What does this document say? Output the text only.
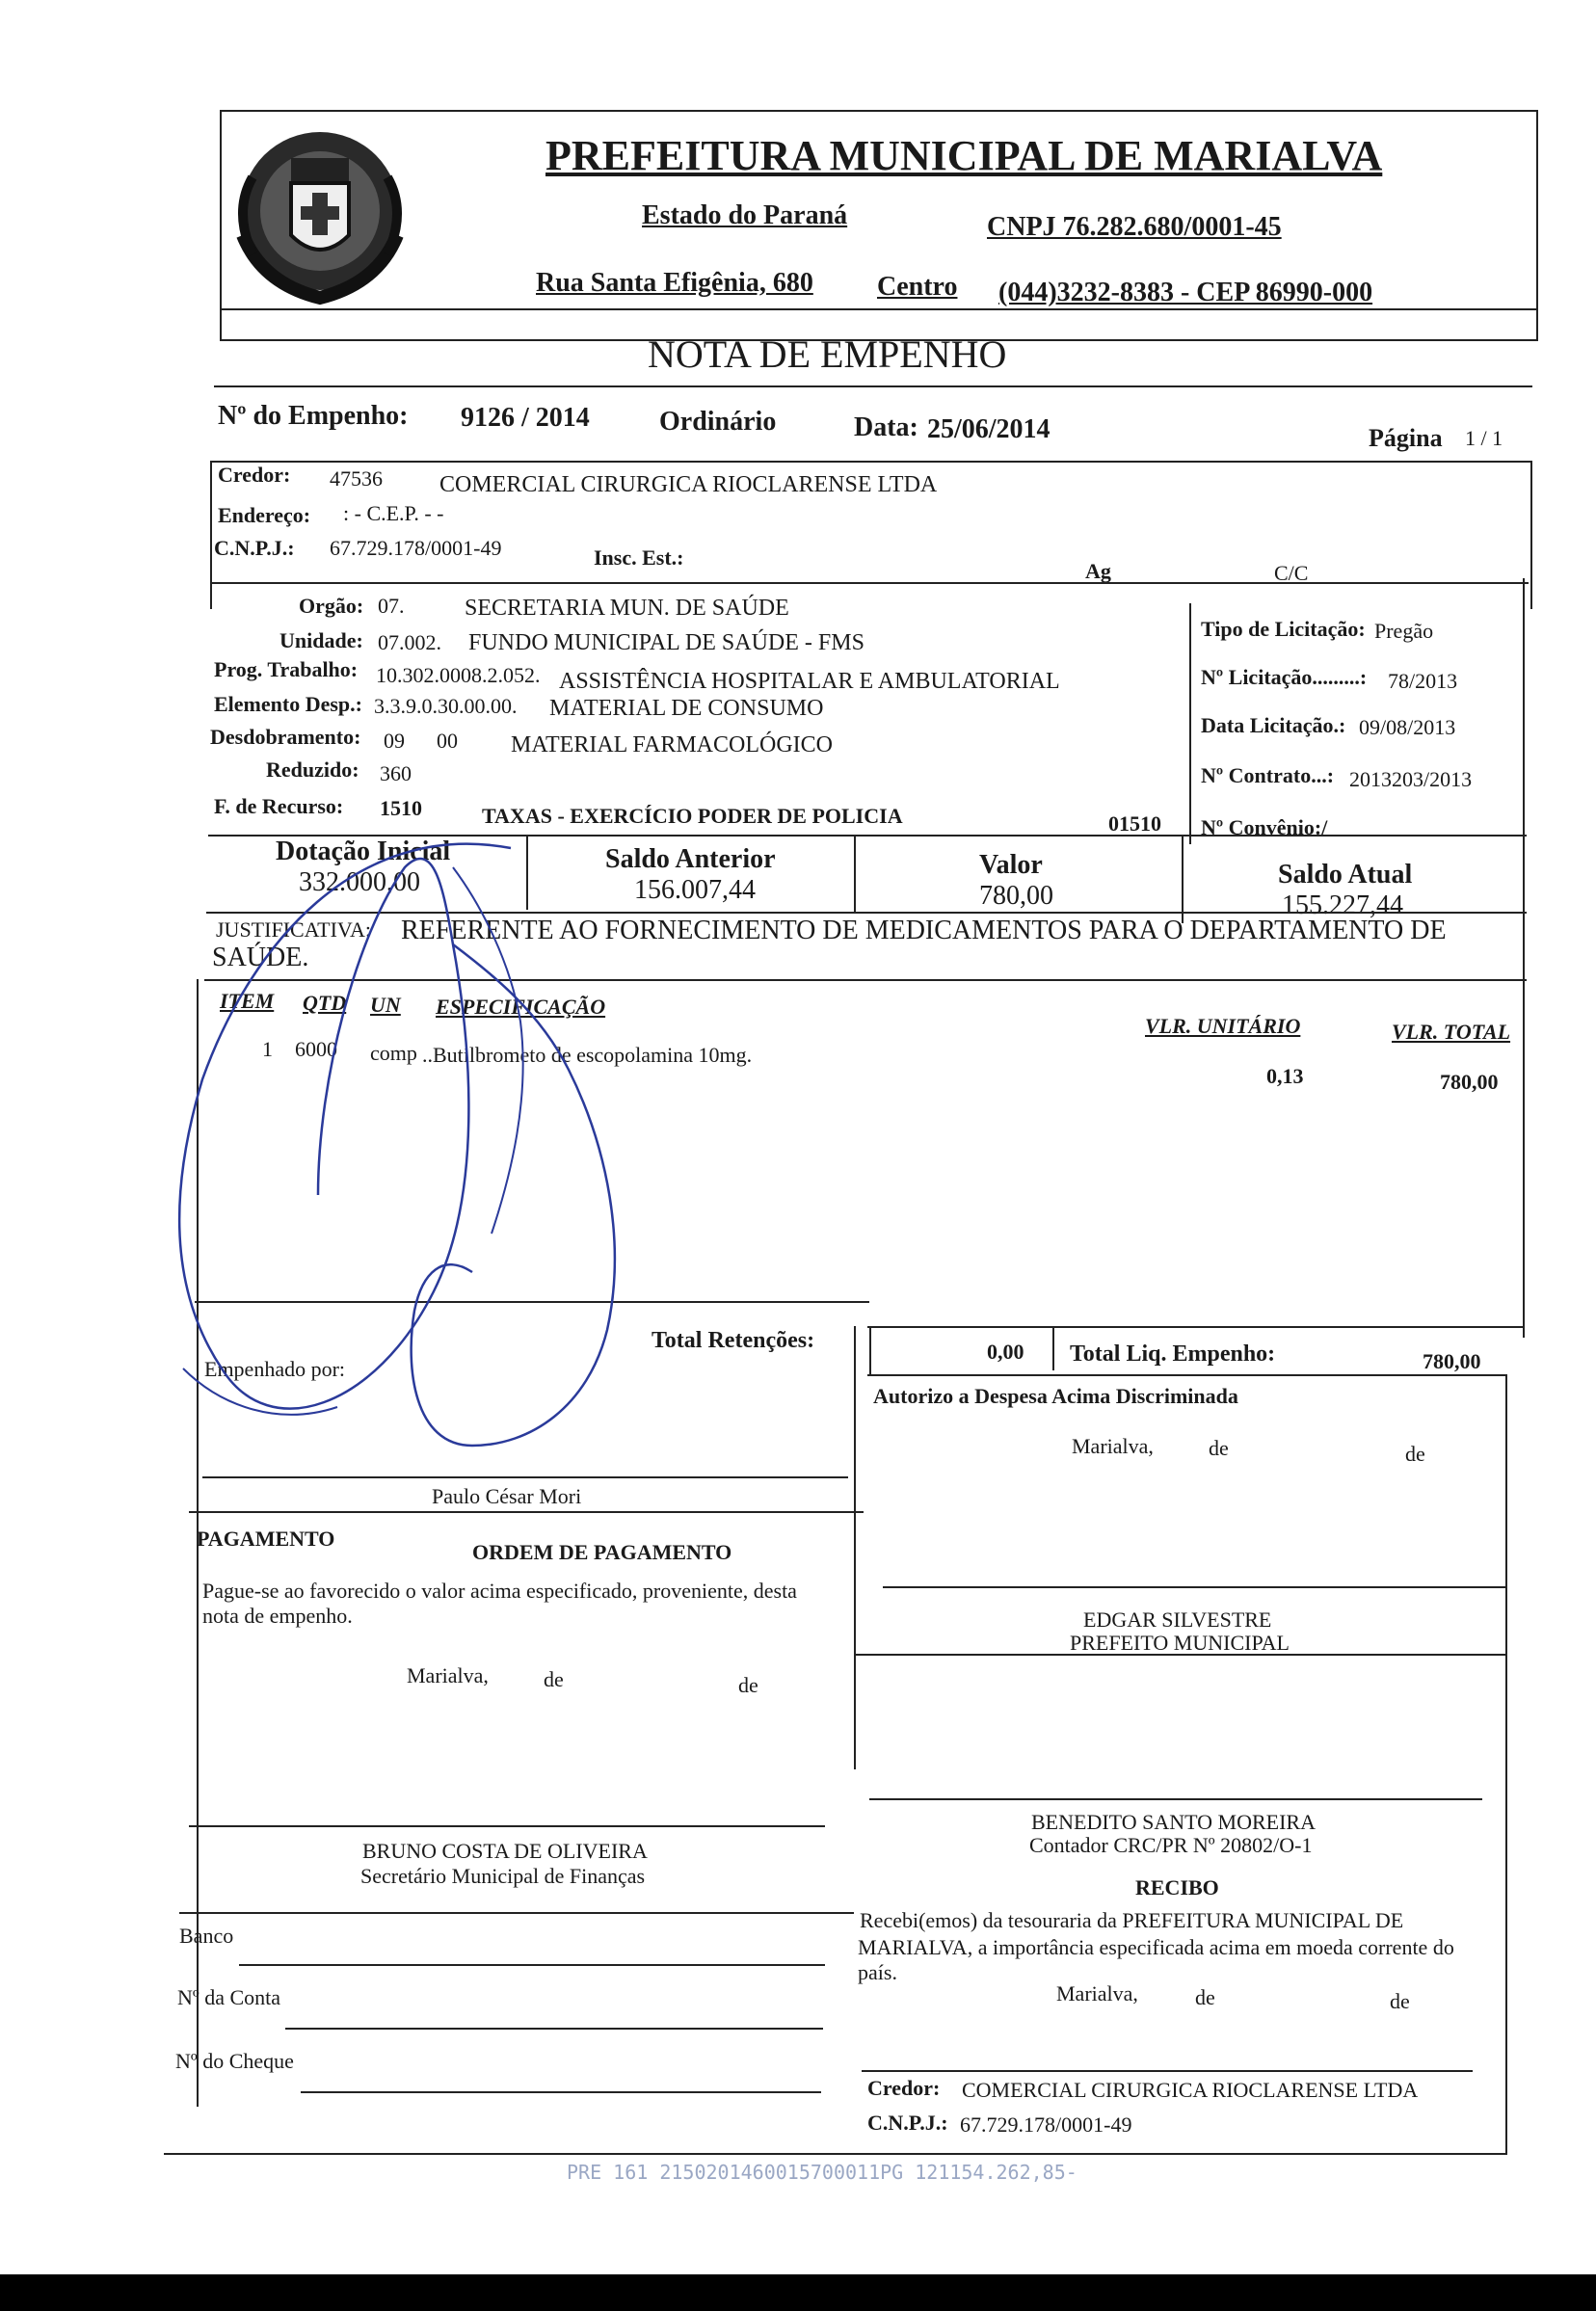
PREFEITURA MUNICIPAL DE MARIALVA
Estado do Paraná	CNPJ 76.282.680/0001-45
Rua Santa Efigênia, 680 Centro (044)3232-8383 - CEP 86990-000
NOTA DE EMPENHO
Nº do Empenho: 9126 / 2014	Ordinário	Data: 25/06/2014	Página 1 / 1
Credor: 47536 COMERCIAL CIRURGICA RIOCLARENSE LTDA
Endereço: : - C.E.P. - -
C.N.P.J.: 67.729.178/0001-49	Insc. Est.:
Ag	C/C
Orgão: 07.	SECRETARIA MUN. DE SAÚDE
Unidade: 07.002. FUNDO MUNICIPAL DE SAÚDE - FMS
Prog. Trabalho: 10.302.0008.2.052. ASSISTÊNCIA HOSPITALAR E AMBULATORIAL
Elemento Desp.: 3.3.9.0.30.00.00. MATERIAL DE CONSUMO
Desdobramento: 09      00 MATERIAL FARMACOLÓGICO
Reduzido: 360
F. de Recurso: 1510	TAXAS - EXERCÍCIO PODER DE POLICIA	01510
Tipo de Licitação: Pregão
Nº Licitação.........: 78/2013
Data Licitação.: 09/08/2013
Nº Contrato...: 2013203/2013
Nº Convênio:/
Dotação Inicial
332.000,00
Saldo Anterior
156.007,44
Valor
780,00
Saldo Atual
155.227,44
JUSTIFICATIVA: REFERENTE AO FORNECIMENTO DE MEDICAMENTOS PARA O DEPARTAMENTO DE
SAÚDE.
ITEM QTD UN ESPECIFICAÇÃO
VLR. UNITÁRIO	VLR. TOTAL
1 6000 comp ..Butilbrometo de escopolamina 10mg.
0,13	780,00
Total Retenções:	0,00 Total Liq. Empenho:	780,00
Empenhado por:
Paulo César Mori
Autorizo a Despesa Acima Discriminada
Marialva,	de	de
EDGAR SILVESTRE
PREFEITO MUNICIPAL
PAGAMENTO
ORDEM DE PAGAMENTO
Pague-se ao favorecido o valor acima especificado, proveniente, desta
nota de empenho.
Marialva,	de	de
BRUNO COSTA DE OLIVEIRA
Secretário Municipal de Finanças
BENEDITO SANTO MOREIRA
Contador CRC/PR Nº 20802/O-1
RECIBO
Recebi(emos) da tesouraria da PREFEITURA MUNICIPAL DE
MARIALVA, a importância especificada acima em moeda corrente do
país.
Marialva,	de	de
Credor: COMERCIAL CIRURGICA RIOCLARENSE LTDA
C.N.P.J.: 67.729.178/0001-49
Banco
Nº da Conta
Nº do Cheque
PRE 161 2150201460015700011PG 121154.262,85-
